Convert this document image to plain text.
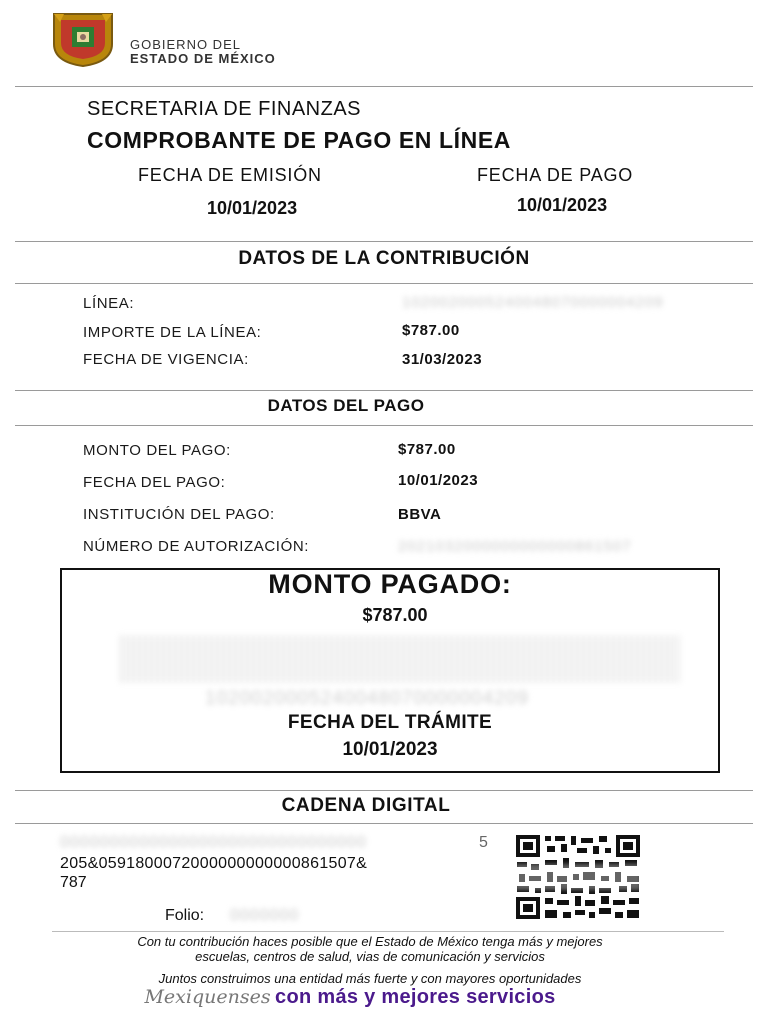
GOBIERNO DEL
ESTADO DE MÉXICO
SECRETARIA DE FINANZAS
COMPROBANTE DE PAGO EN LÍNEA
FECHA DE EMISIÓN
10/01/2023
FECHA DE PAGO
10/01/2023
DATOS DE LA CONTRIBUCIÓN
LÍNEA:	1020020005240048070000004209
IMPORTE DE LA LÍNEA:	$787.00
FECHA DE VIGENCIA:	31/03/2023
DATOS DEL PAGO
MONTO DEL PAGO:	$787.00
FECHA DEL PAGO:	10/01/2023
INSTITUCIÓN DEL PAGO:	BBVA
NÚMERO DE AUTORIZACIÓN:	2021032000000000000861507
MONTO PAGADO:
$787.00
1020020005240048070000004209
FECHA DEL TRÁMITE
10/01/2023
CADENA DIGITAL
0000000000000000000000000000000	5
205&0591800072000000000000861507&
787
Folio: 0000000
Con tu contribución haces posible que el Estado de México tenga más y mejores
escuelas, centros de salud, vias de comunicación y servicios
Juntos construimos una entidad más fuerte y con mayores oportunidades
Mexiquenses con más y mejores servicios
